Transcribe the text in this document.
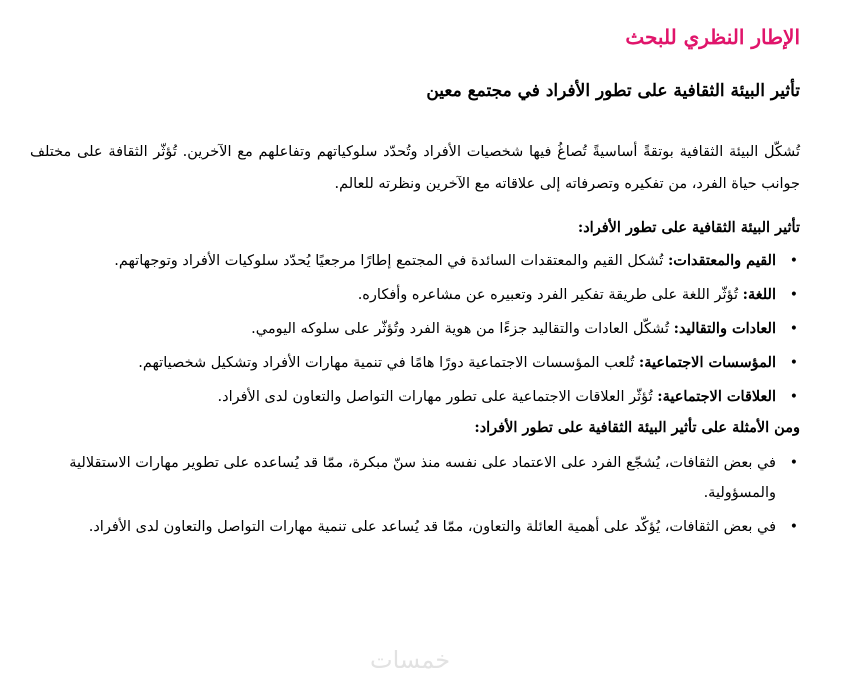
الإطار النظري للبحث
تأثير البيئة الثقافية على تطور الأفراد في مجتمع معين

تُشكّل البيئة الثقافية بوتقةً أساسيةً تُصاغُ فيها شخصيات الأفراد وتُحدّد سلوكياتهم وتفاعلهم مع الآخرين. تُؤثّر الثقافة على مختلف جوانب حياة الفرد، من تفكيره وتصرفاته إلى علاقاته مع الآخرين ونظرته للعالم.

تأثير البيئة الثقافية على تطور الأفراد:
•
القيم والمعتقدات: تُشكل القيم والمعتقدات السائدة في المجتمع إطارًا مرجعيًا يُحدّد سلوكيات الأفراد وتوجهاتهم.
•
اللغة: تُؤثّر اللغة على طريقة تفكير الفرد وتعبيره عن مشاعره وأفكاره.
•
العادات والتقاليد: تُشكّل العادات والتقاليد جزءًا من هوية الفرد وتُؤثّر على سلوكه اليومي.
•
المؤسسات الاجتماعية: تُلعب المؤسسات الاجتماعية دورًا هامًا في تنمية مهارات الأفراد وتشكيل شخصياتهم.
•
العلاقات الاجتماعية: تُؤثّر العلاقات الاجتماعية على تطور مهارات التواصل والتعاون لدى الأفراد.
ومن الأمثلة على تأثير البيئة الثقافية على تطور الأفراد:
•
في بعض الثقافات، يُشجّع الفرد على الاعتماد على نفسه منذ سنّ مبكرة، ممّا قد يُساعده على تطوير مهارات الاستقلالية والمسؤولية.
•
في بعض الثقافات، يُؤكّد على أهمية العائلة والتعاون، ممّا قد يُساعد على تنمية مهارات التواصل والتعاون لدى الأفراد.
خمسات
